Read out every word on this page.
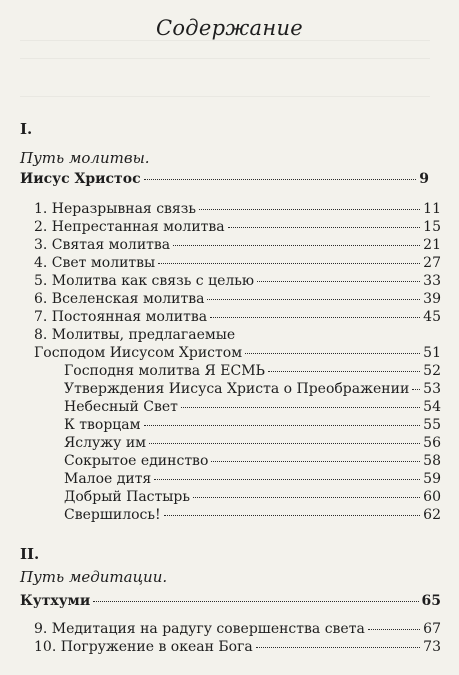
Содержание
I.
Путь молитвы.
Иисус Христос	9
1. Неразрывная связь	11
2. Непрестанная молитва	15
3. Святая молитва	21
4. Свет молитвы	27
5. Молитва как связь с целью	33
6. Вселенская молитва	39
7. Постоянная молитва	45
8. Молитвы, предлагаемые
Господом Иисусом Христом	51
Господня молитва Я ЕСМЬ	52
Утверждения Иисуса Христа о Преображении 53
Небесный Свет	54
К творцам	55
Яслужу им	56
Сокрытое единство	58
Малое дитя	59
Добрый Пастырь	60
Свершилось!	62
II.
Путь медитации.
Кутхуми	65
9. Медитация на радугу совершенства света	67
10. Погружение в океан Бога	73
